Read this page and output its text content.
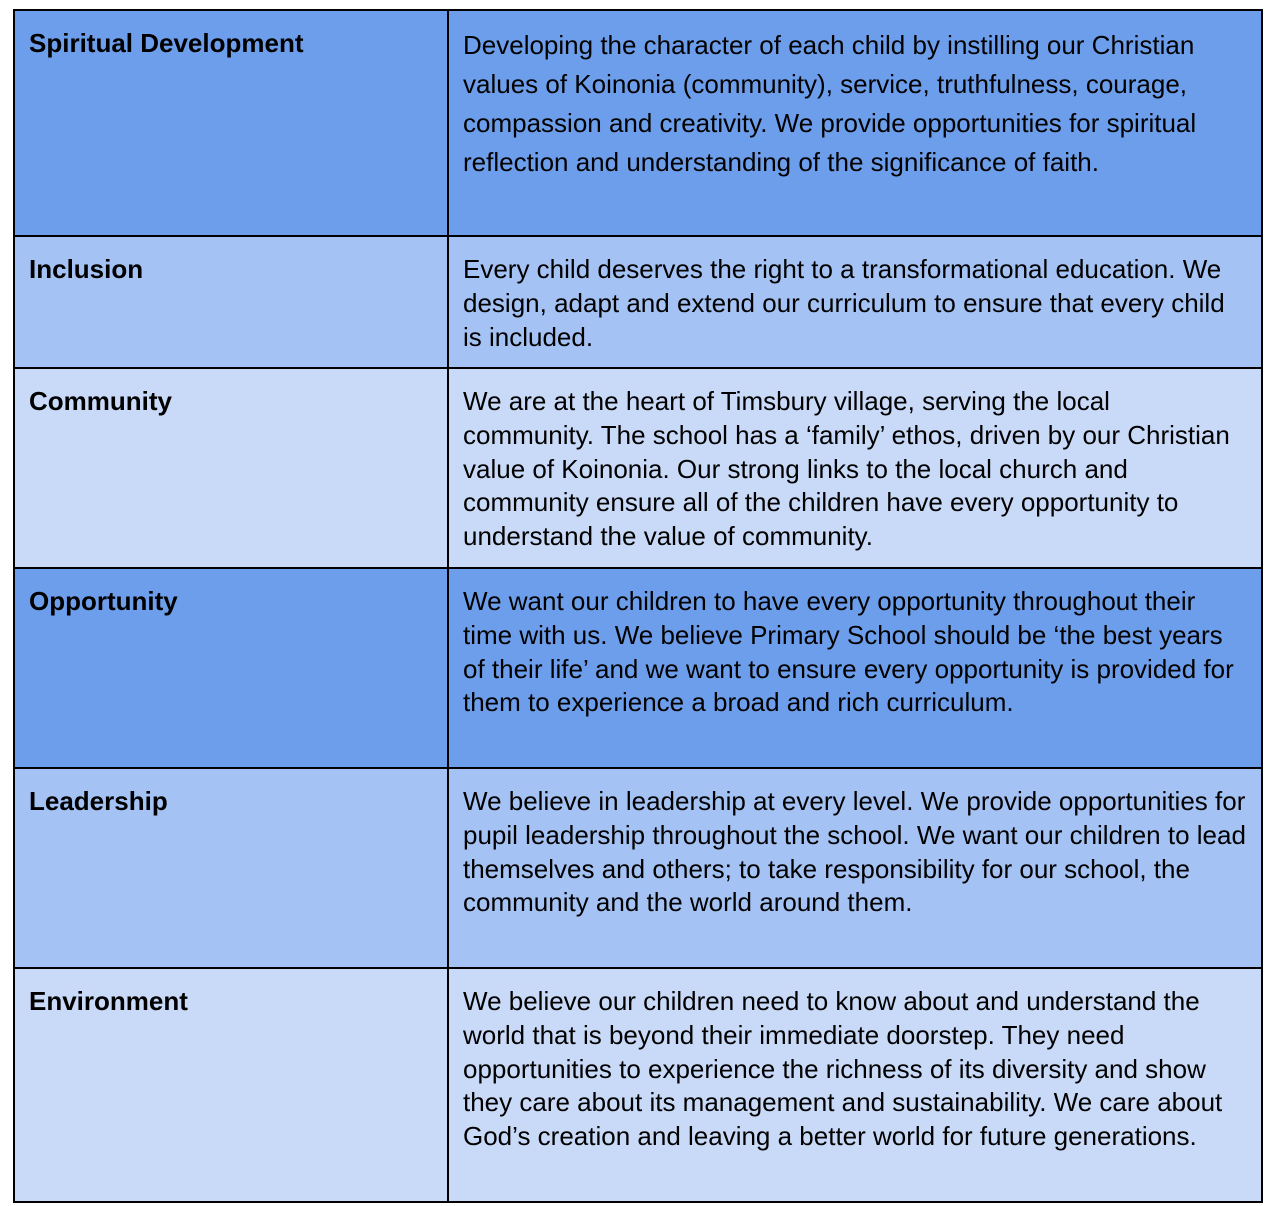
Spiritual Development	Developing the character of each child by instilling our Christian values of Koinonia (community), service, truthfulness, courage, compassion and creativity. We provide opportunities for spiritual reflection and understanding of the significance of faith.
Inclusion	Every child deserves the right to a transformational education. We design, adapt and extend our curriculum to ensure that every child is included.
Community	We are at the heart of Timsbury village, serving the local community. The school has a ‘family’ ethos, driven by our Christian value of Koinonia. Our strong links to the local church and community ensure all of the children have every opportunity to understand the value of community.
Opportunity	We want our children to have every opportunity throughout their time with us. We believe Primary School should be ‘the best years of their life’ and we want to ensure every opportunity is provided for them to experience a broad and rich curriculum.
Leadership	We believe in leadership at every level. We provide opportunities for pupil leadership throughout the school. We want our children to lead themselves and others; to take responsibility for our school, the community and the world around them.
Environment	We believe our children need to know about and understand the world that is beyond their immediate doorstep. They need opportunities to experience the richness of its diversity and show they care about its management and sustainability. We care about God’s creation and leaving a better world for future generations.
